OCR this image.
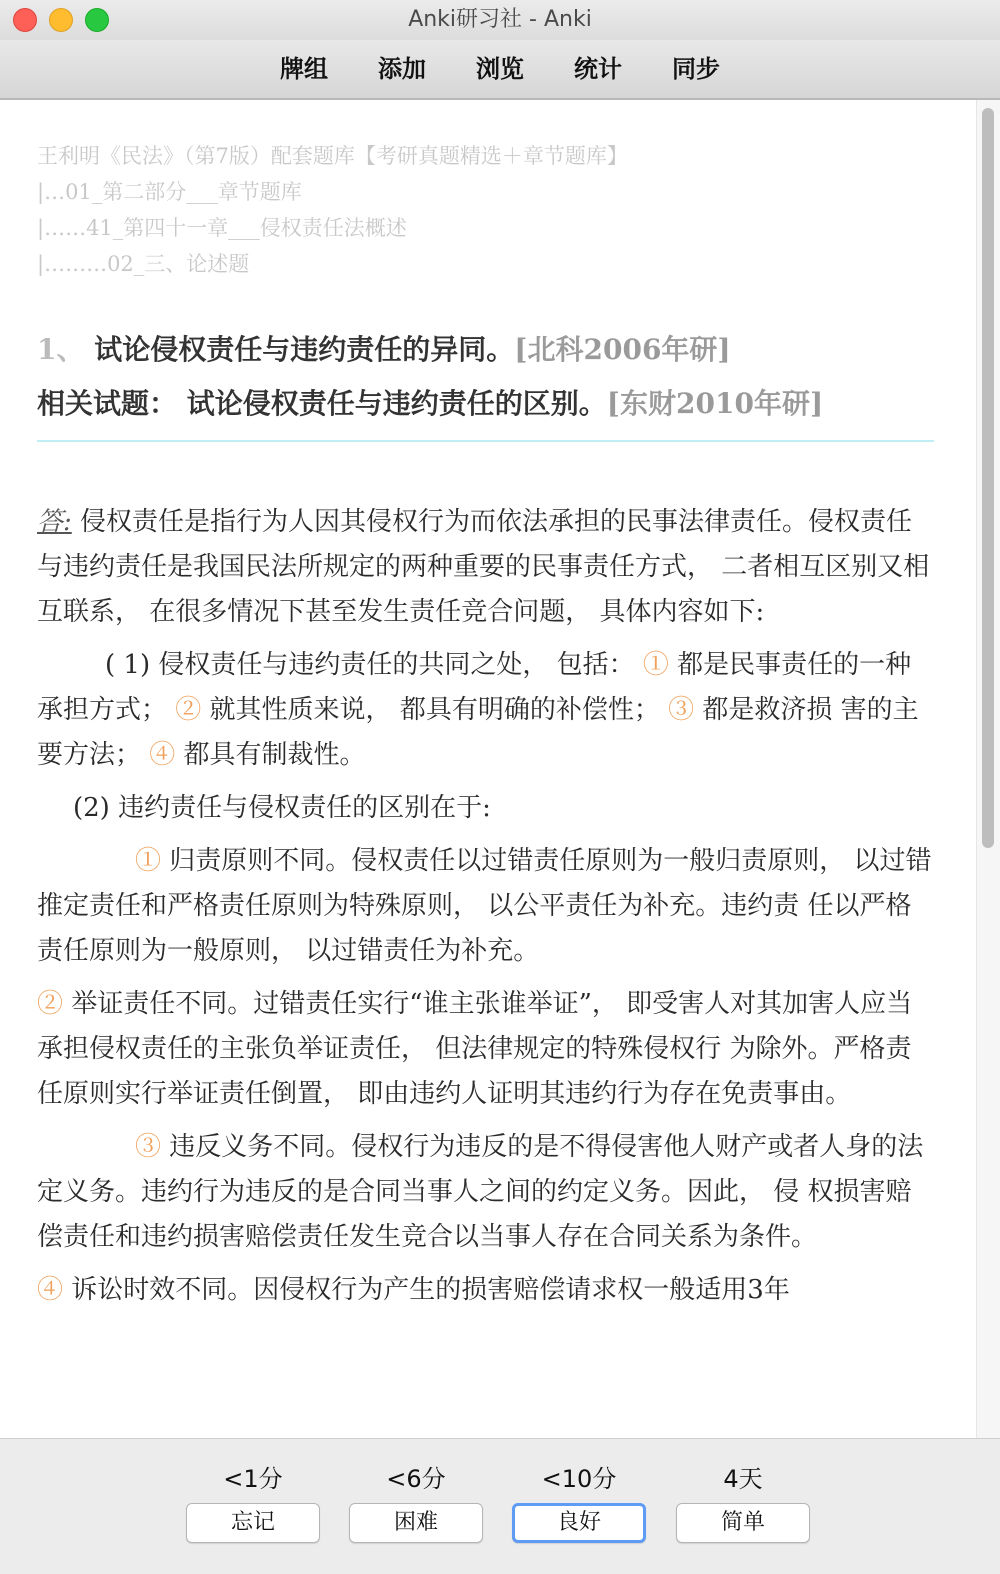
Anki研习社 - Anki
牌组 添加 浏览 统计 同步
王利明《民法》（第7版）配套题库【考研真题精选＋章节题库】
|…01_第二部分___章节题库
|……41_第四十一章___侵权责任法概述
|………02_三、论述题
1、 试论侵权责任与违约责任的异同。[北科2006年研]
相关试题： 试论侵权责任与违约责任的区别。[东财2010年研]

答: 侵权责任是指行为人因其侵权行为而依法承担的民事法律责任。侵权责任与违约责任是我国民法所规定的两种重要的民事责任方式， 二者相互区别又相互联系， 在很多情况下甚至发生责任竞合问题， 具体内容如下:

( 1) 侵权责任与违约责任的共同之处， 包括： ① 都是民事责任的一种承担方式； ② 就其性质来说， 都具有明确的补偿性； ③ 都是救济损 害的主要方法； ④ 都具有制裁性。

(2) 违约责任与侵权责任的区别在于:

① 归责原则不同。侵权责任以过错责任原则为一般归责原则， 以过错推定责任和严格责任原则为特殊原则， 以公平责任为补充。违约责 任以严格责任原则为一般原则， 以过错责任为补充。

② 举证责任不同。过错责任实行“谁主张谁举证”， 即受害人对其加害人应当承担侵权责任的主张负举证责任， 但法律规定的特殊侵权行 为除外。严格责任原则实行举证责任倒置， 即由违约人证明其违约行为存在免责事由。

③ 违反义务不同。侵权行为违反的是不得侵害他人财产或者人身的法定义务。违约行为违反的是合同当事人之间的约定义务。因此， 侵 权损害赔偿责任和违约损害赔偿责任发生竞合以当事人存在合同关系为条件。

④ 诉讼时效不同。因侵权行为产生的损害赔偿请求权一般适用3年

<1分	<6分	<10分	4天
忘记	困难	良好	简单
